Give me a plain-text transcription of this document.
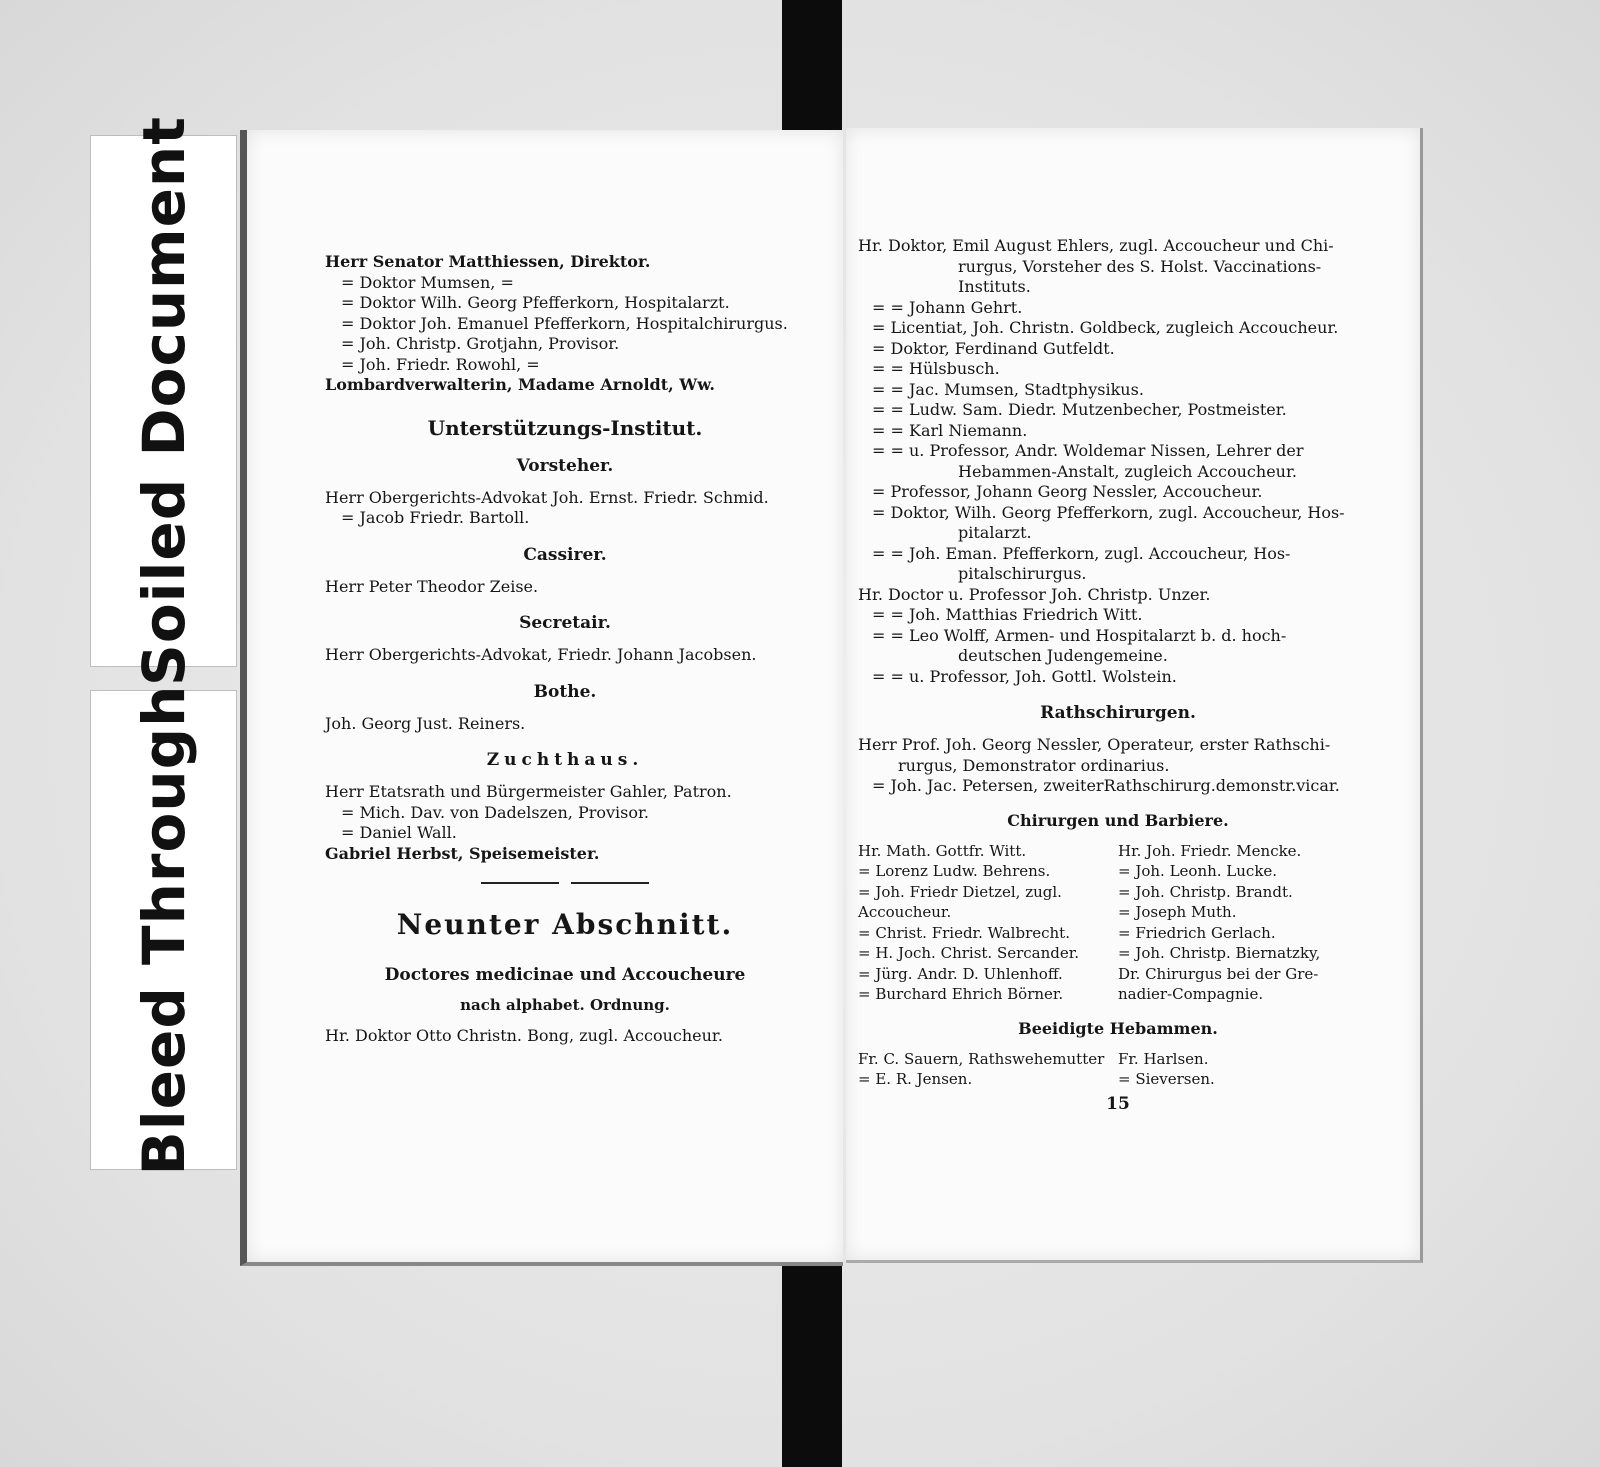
Soiled Document
Bleed Through
Herr Senator Matthiessen, Direktor.
= Doktor Mumsen, =
= Doktor Wilh. Georg Pfefferkorn, Hospitalarzt.
= Doktor Joh. Emanuel Pfefferkorn, Hospitalchirurgus.
= Joh. Christp. Grotjahn, Provisor.
= Joh. Friedr. Rowohl, =
Lombardverwalterin, Madame Arnoldt, Ww.
Unterstützungs-Institut.
Vorsteher.
Herr Obergerichts-Advokat Joh. Ernst. Friedr. Schmid.
= Jacob Friedr. Bartoll.
Cassirer.
Herr Peter Theodor Zeise.
Secretair.
Herr Obergerichts-Advokat, Friedr. Johann Jacobsen.
Bothe.
Joh. Georg Just. Reiners.
Zuchthaus.
Herr Etatsrath und Bürgermeister Gahler, Patron.
= Mich. Dav. von Dadelszen, Provisor.
= Daniel Wall.
Gabriel Herbst, Speisemeister.
Neunter Abschnitt.
Doctores medicinae und Accoucheure
nach alphabet. Ordnung.
Hr. Doktor Otto Christn. Bong, zugl. Accoucheur.
Hr. Doktor, Emil August Ehlers, zugl. Accoucheur und Chi-
rurgus, Vorsteher des S. Holst. Vaccinations-
Instituts.
= = Johann Gehrt.
= Licentiat, Joh. Christn. Goldbeck, zugleich Accoucheur.
= Doktor, Ferdinand Gutfeldt.
= = Hülsbusch.
= = Jac. Mumsen, Stadtphysikus.
= = Ludw. Sam. Diedr. Mutzenbecher, Postmeister.
= = Karl Niemann.
= = u. Professor, Andr. Woldemar Nissen, Lehrer der
Hebammen-Anstalt, zugleich Accoucheur.
= Professor, Johann Georg Nessler, Accoucheur.
= Doktor, Wilh. Georg Pfefferkorn, zugl. Accoucheur, Hos-
pitalarzt.
= = Joh. Eman. Pfefferkorn, zugl. Accoucheur, Hos-
pitalschirurgus.
Hr. Doctor u. Professor Joh. Christp. Unzer.
= = Joh. Matthias Friedrich Witt.
= = Leo Wolff, Armen- und Hospitalarzt b. d. hoch-
deutschen Judengemeine.
= = u. Professor, Joh. Gottl. Wolstein.
Rathschirurgen.
Herr Prof. Joh. Georg Nessler, Operateur, erster Rathschi-
rurgus, Demonstrator ordinarius.
= Joh. Jac. Petersen, zweiterRathschirurg.demonstr.vicar.
Chirurgen und Barbiere.
Hr. Math. Gottfr. Witt.
= Lorenz Ludw. Behrens.
= Joh. Friedr Dietzel, zugl.
Accoucheur.
= Christ. Friedr. Walbrecht.
= H. Joch. Christ. Sercander.
= Jürg. Andr. D. Uhlenhoff.
= Burchard Ehrich Börner.
Hr. Joh. Friedr. Mencke.
= Joh. Leonh. Lucke.
= Joh. Christp. Brandt.
= Joseph Muth.
= Friedrich Gerlach.
= Joh. Christp. Biernatzky,
Dr. Chirurgus bei der Gre-
nadier-Compagnie.
Beeidigte Hebammen.
Fr. C. Sauern, Rathswehemutter
= E. R. Jensen.
Fr. Harlsen.
= Sieversen.
15
